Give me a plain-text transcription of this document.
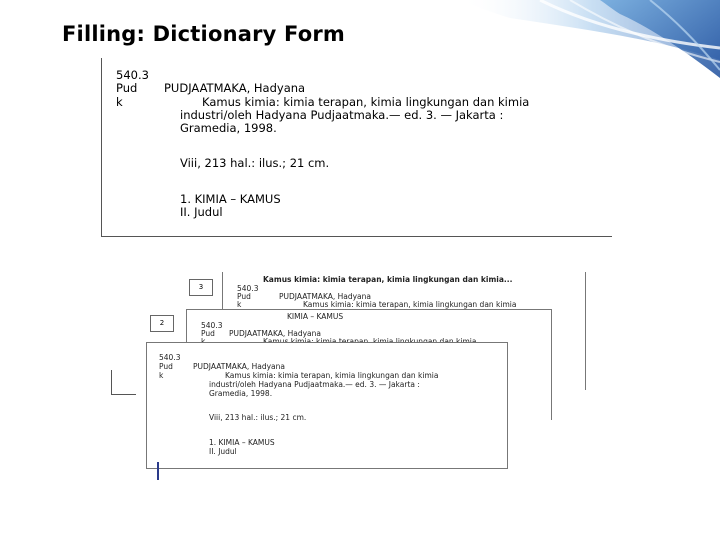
Filling: Dictionary Form
540.3
Pud
k
PUDJAATMAKA, Hadyana
Kamus kimia: kimia terapan, kimia lingkungan dan kimia
industri/oleh Hadyana Pudjaatmaka.— ed. 3. — Jakarta :
Gramedia, 1998.
Viii, 213 hal.: ilus.; 21 cm.
1. KIMIA – KAMUS
II. Judul
3
Kamus kimia: kimia terapan, kimia lingkungan dan kimia...
540.3
Pud
k
PUDJAATMAKA, Hadyana
Kamus kimia: kimia terapan, kimia lingkungan dan kimia
2
KIMIA – KAMUS
540.3
Pud PUDJAATMAKA, Hadyana
540.3
Pud
k
PUDJAATMAKA, Hadyana
Kamus kimia: kimia terapan, kimia lingkungan dan kimia
industri/oleh Hadyana Pudjaatmaka.— ed. 3. — Jakarta :
Gramedia, 1998.
Viii, 213 hal.: ilus.; 21 cm.
1. KIMIA – KAMUS
II. Judul
